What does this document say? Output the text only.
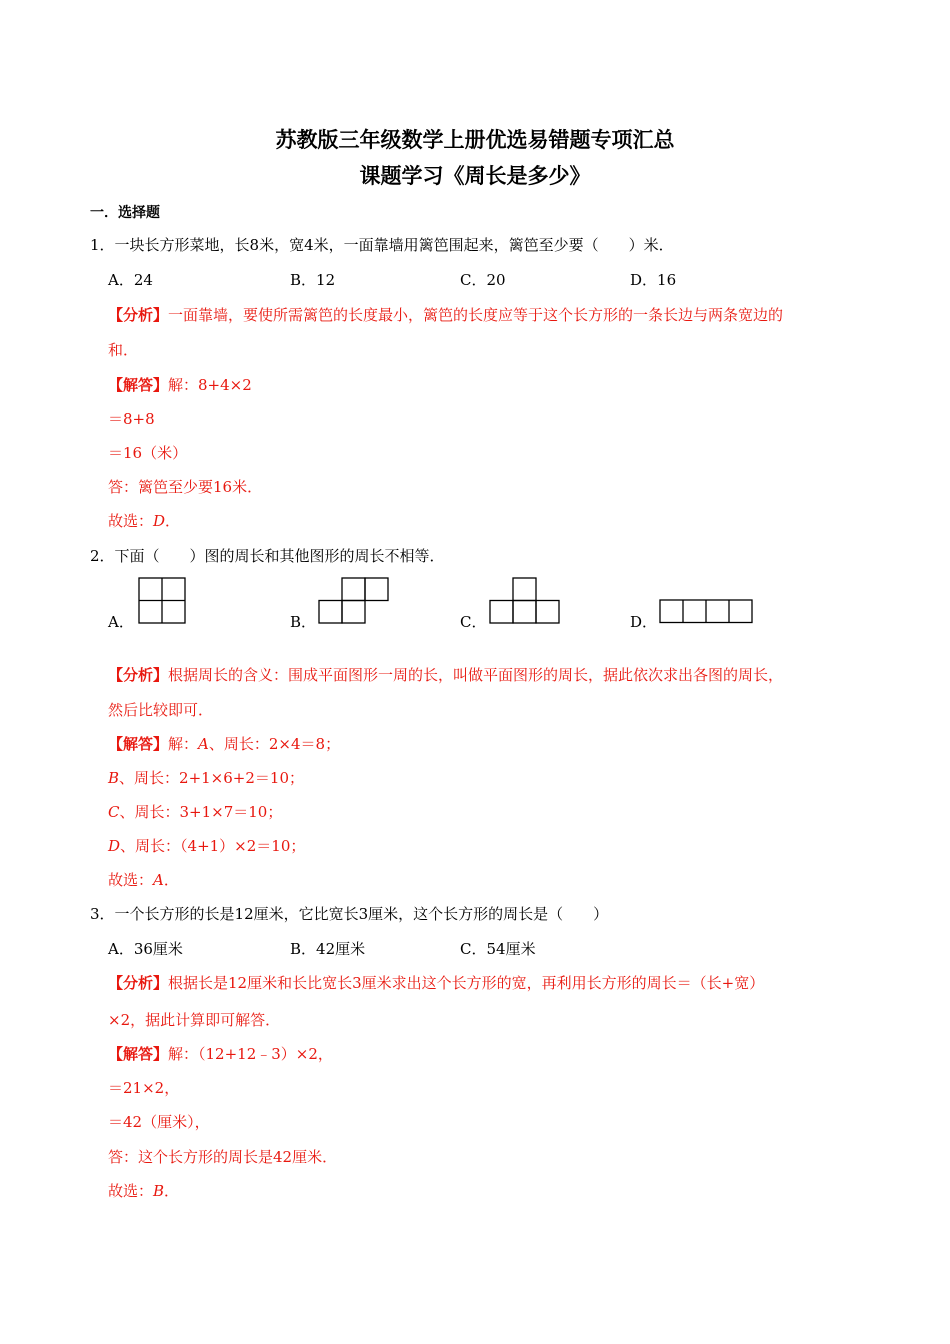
苏教版三年级数学上册优选易错题专项汇总
课题学习《周长是多少》
一．选择题
1．一块长方形菜地，长8米，宽4米，一面靠墙用篱笆围起来，篱笆至少要（　　）米．
A．24	B．12	C．20	D．16
【分析】一面靠墙，要使所需篱笆的长度最小，篱笆的长度应等于这个长方形的一条长边与两条宽边的
和．
【解答】解：8+4×2
＝8+8
＝16（米）
答：篱笆至少要16米．
故选：D．
2．下面（　　）图的周长和其他图形的周长不相等．
A．	B．	C．	D．
【分析】根据周长的含义：围成平面图形一周的长，叫做平面图形的周长，据此依次求出各图的周长，
然后比较即可．
【解答】解：A、周长：2×4＝8；
B、周长：2+1×6+2＝10；
C、周长：3+1×7＝10；
D、周长：（4+1）×2＝10；
故选：A．
3．一个长方形的长是12厘米，它比宽长3厘米，这个长方形的周长是（　　）
A．36厘米	B．42厘米	C．54厘米
【分析】根据长是12厘米和长比宽长3厘米求出这个长方形的宽，再利用长方形的周长＝（长+宽）
×2，据此计算即可解答．
【解答】解：（12+12﹣3）×2，
＝21×2，
＝42（厘米），
答：这个长方形的周长是42厘米．
故选：B．
